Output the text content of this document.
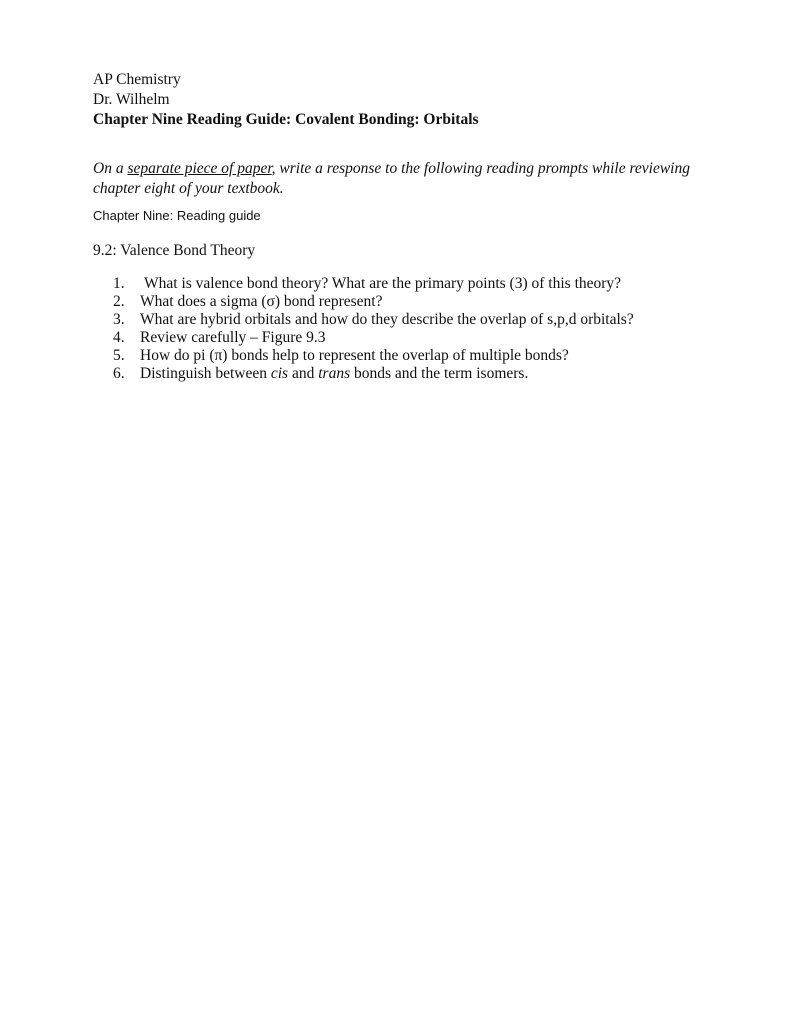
AP Chemistry
Dr. Wilhelm
Chapter Nine Reading Guide: Covalent Bonding: Orbitals
On a separate piece of paper, write a response to the following reading prompts while reviewing chapter eight of your textbook.
Chapter Nine: Reading guide
9.2: Valence Bond Theory
1. What is valence bond theory? What are the primary points (3) of this theory?
2. What does a sigma (σ) bond represent?
3. What are hybrid orbitals and how do they describe the overlap of s,p,d orbitals?
4. Review carefully – Figure 9.3
5. How do pi (π) bonds help to represent the overlap of multiple bonds?
6. Distinguish between cis and trans bonds and the term isomers.
